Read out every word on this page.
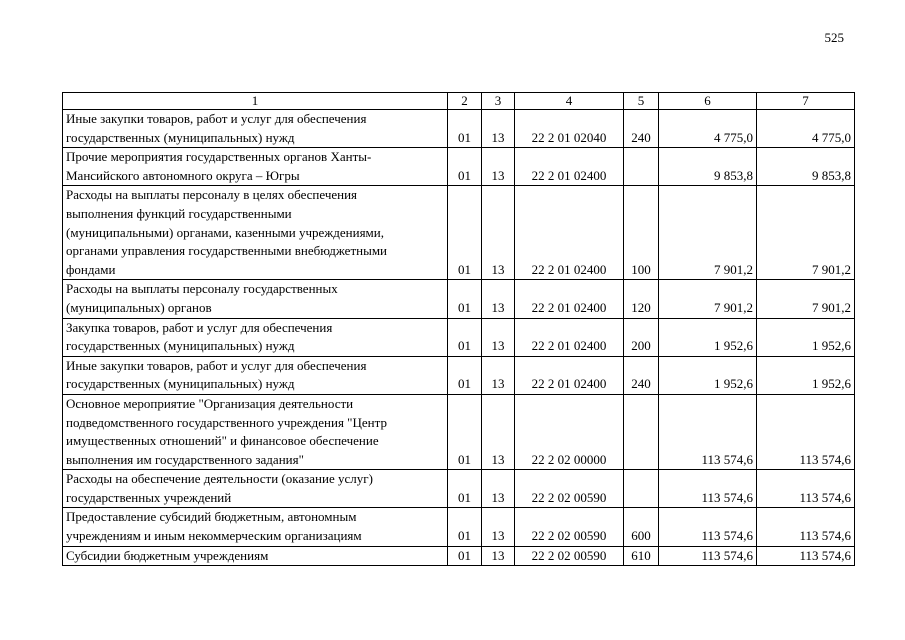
525
1	2	3	4	5	6	7
Иные закупки товаров, работ и услуг для обеспечения
государственных (муниципальных) нужд	01	13	22 2 01 02040	240	4 775,0	4 775,0
Прочие мероприятия государственных органов Ханты-
Мансийского автономного округа – Югры	01	13	22 2 01 02400		9 853,8	9 853,8
Расходы на выплаты персоналу в целях обеспечения
выполнения функций государственными
(муниципальными) органами, казенными учреждениями,
органами управления государственными внебюджетными
фондами	01	13	22 2 01 02400	100	7 901,2	7 901,2
Расходы на выплаты персоналу государственных
(муниципальных) органов	01	13	22 2 01 02400	120	7 901,2	7 901,2
Закупка товаров, работ и услуг для обеспечения
государственных (муниципальных) нужд	01	13	22 2 01 02400	200	1 952,6	1 952,6
Иные закупки товаров, работ и услуг для обеспечения
государственных (муниципальных) нужд	01	13	22 2 01 02400	240	1 952,6	1 952,6
Основное мероприятие "Организация деятельности
подведомственного государственного учреждения "Центр
имущественных отношений" и финансовое обеспечение
выполнения им государственного задания"	01	13	22 2 02 00000		113 574,6	113 574,6
Расходы на обеспечение деятельности (оказание услуг)
государственных учреждений	01	13	22 2 02 00590		113 574,6	113 574,6
Предоставление субсидий бюджетным, автономным
учреждениям и иным некоммерческим организациям	01	13	22 2 02 00590	600	113 574,6	113 574,6
Субсидии бюджетным учреждениям	01	13	22 2 02 00590	610	113 574,6	113 574,6
